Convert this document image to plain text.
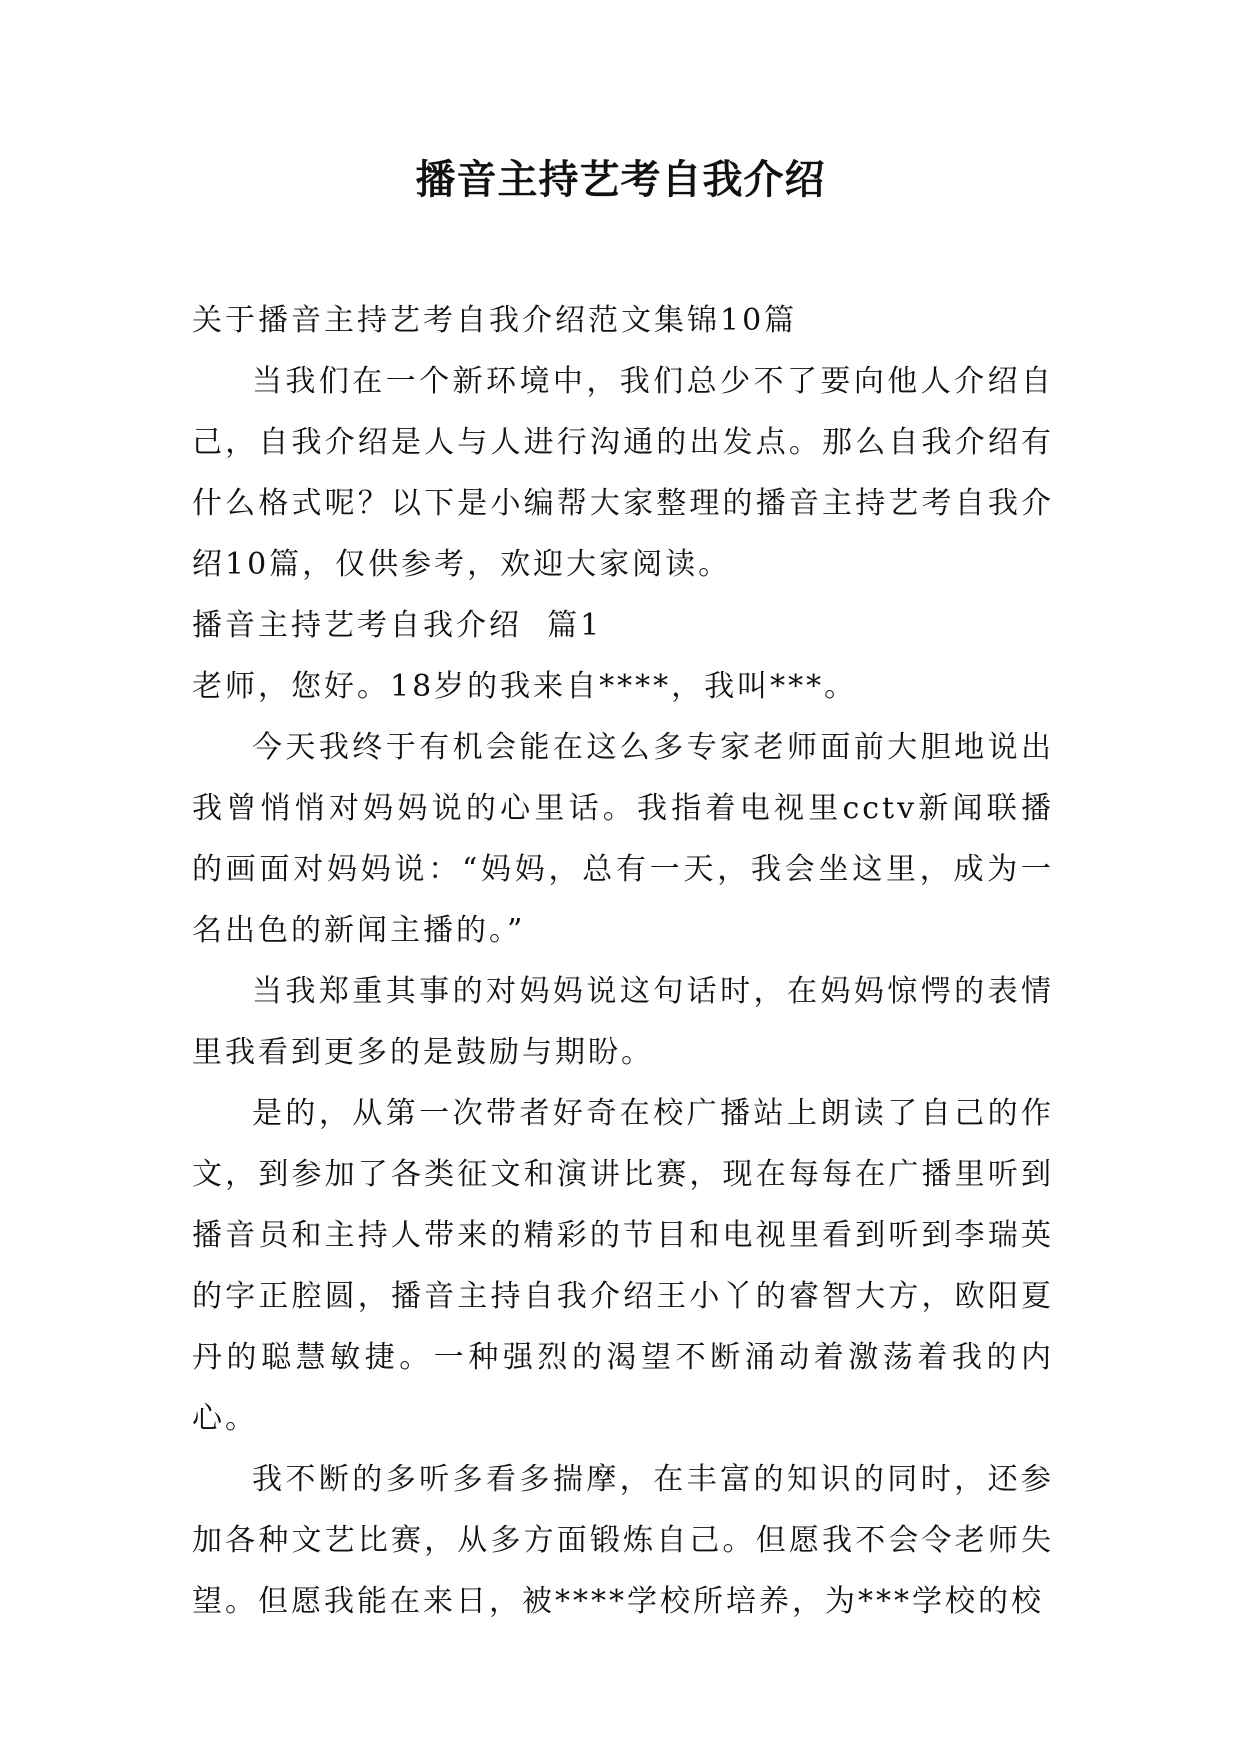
播音主持艺考自我介绍

关于播音主持艺考自我介绍范文集锦10篇

当我们在一个新环境中，我们总少不了要向他人介绍自己，自我介绍是人与人进行沟通的出发点。那么自我介绍有什么格式呢？以下是小编帮大家整理的播音主持艺考自我介绍10篇，仅供参考，欢迎大家阅读。

播音主持艺考自我介绍  篇1

老师，您好。18岁的我来自****，我叫***。

今天我终于有机会能在这么多专家老师面前大胆地说出我曾悄悄对妈妈说的心里话。我指着电视里cctv新闻联播的画面对妈妈说：“妈妈，总有一天，我会坐这里，成为一名出色的新闻主播的。”

当我郑重其事的对妈妈说这句话时，在妈妈惊愕的表情里我看到更多的是鼓励与期盼。

是的，从第一次带者好奇在校广播站上朗读了自己的作文，到参加了各类征文和演讲比赛，现在每每在广播里听到播音员和主持人带来的精彩的节目和电视里看到听到李瑞英的字正腔圆，播音主持自我介绍王小丫的睿智大方，欧阳夏丹的聪慧敏捷。一种强烈的渴望不断涌动着激荡着我的内心。

我不断的多听多看多揣摩，在丰富的知识的同时，还参加各种文艺比赛，从多方面锻炼自己。但愿我不会令老师失望。但愿我能在来日，被****学校所培养，为***学校的校
